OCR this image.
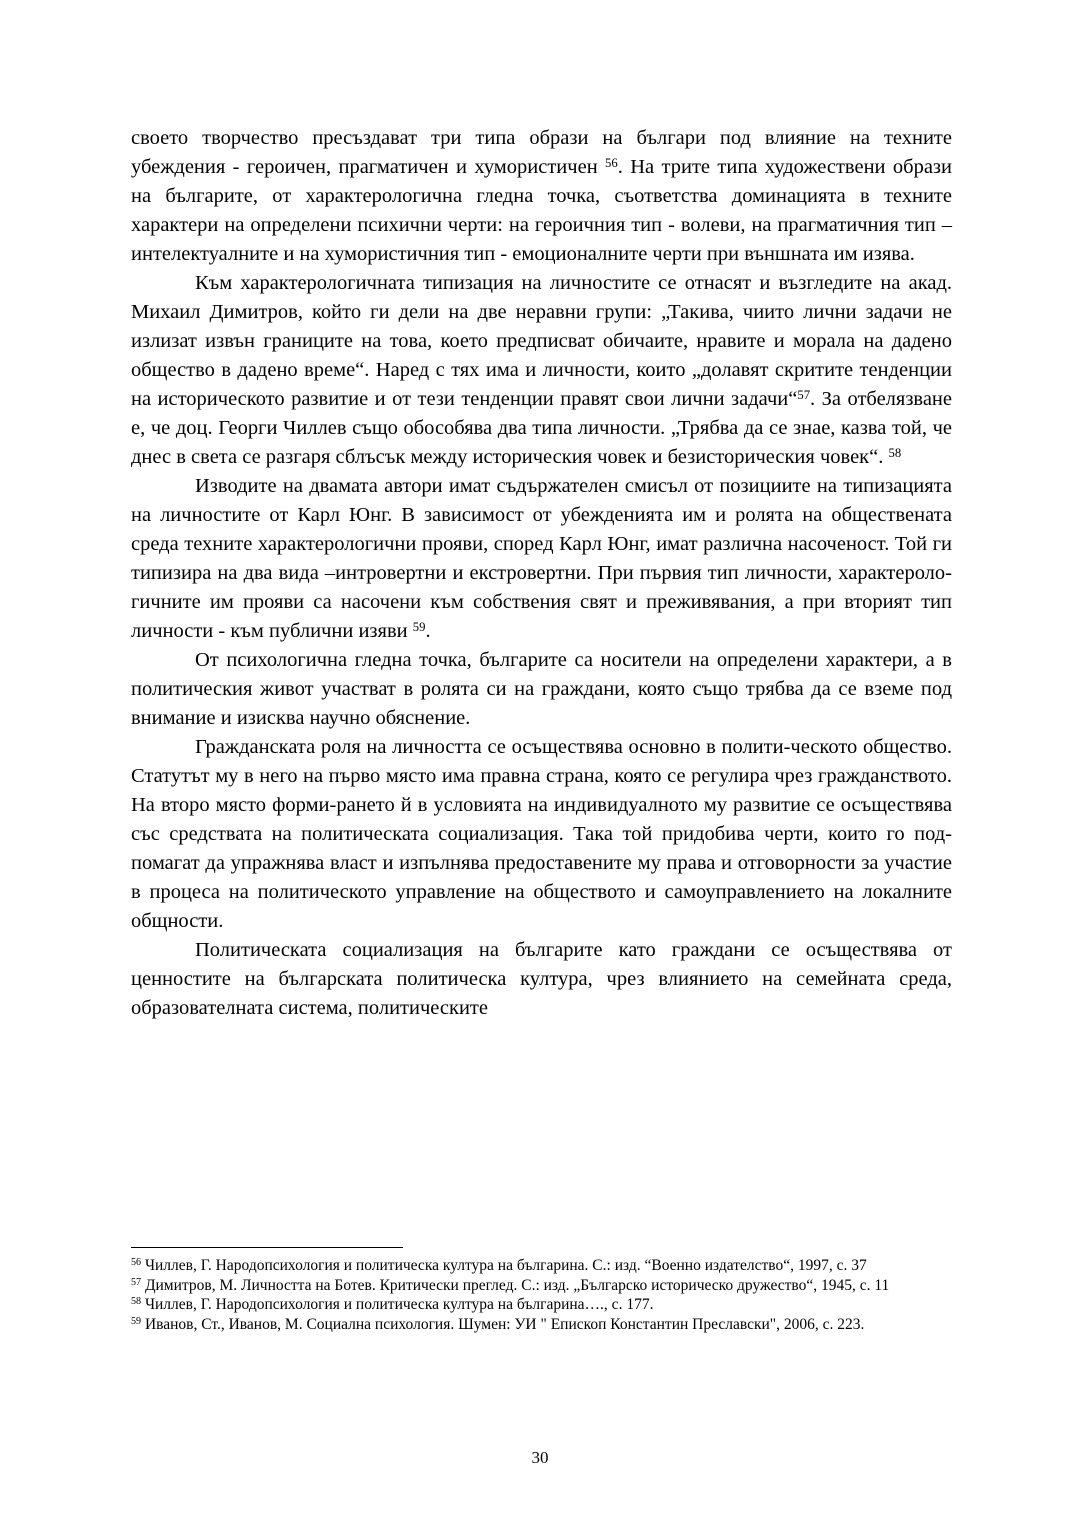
своето творчество пресъздават три типа образи на българи под влияние на техните убеждения - героичен, прагматичен и хумористичен $^{56}$. На трите типа художествени образи на българите, от характерологична гледна точка, съответства доминацията в техните характери на определени психични черти: на героичния тип - волеви, на прагматичния тип – интелектуалните и на хумористичния тип - емоционалните черти при външната им изява.

Към характерологичната типизация на личностите се отнасят и възгледите на акад. Михаил Димитров, който ги дели на две неравни групи: „Такива, чиито лични задачи не излизат извън границите на това, което предписват обичаите, нравите и морала на дадено общество в дадено време“. Наред с тях има и личности, които „долавят скритите тенденции на историческото развитие и от тези тенденции правят свои лични задачи“$^{57}$. За отбелязване е, че доц. Георги Чиллев също обособява два типа личности. „Трябва да се знае, казва той, че днес в света се разгаря сблъсък между историческия човек и безисторическия човек“. $^{58}$

Изводите на двамата автори имат съдържателен смисъл от позициите на типизацията на личностите от Карл Юнг. В зависимост от убежденията им и ролята на обществената среда техните характерологични прояви, според Карл Юнг, имат различна насоченост. Той ги типизира на два вида –интровертни и екстровертни. При първия тип личности, характероло-гичните им прояви са насочени към собствения свят и преживявания, а при вторият тип личности - към публични изяви $^{59}$.

От психологична гледна точка, българите са носители на определени характери, а в политическия живот участват в ролята си на граждани, която също трябва да се вземе под внимание и изисква научно обяснение.

Гражданската роля на личността се осъществява основно в полити-ческото общество. Статутът му в него на първо място има правна страна, която се регулира чрез гражданството. На второ място форми-рането й в условията на индивидуалното му развитие се осъществява със средствата на политическата социализация. Така той придобива черти, които го под-помагат да упражнява власт и изпълнява предоставените му права и отговорности за участие в процеса на политическото управление на обществото и самоуправлението на локалните общности.

Политическата социализация на българите като граждани се осъществява от ценностите на българската политическа култура, чрез влиянието на семейната среда, образователната система, политическите

$^{56}$ Чиллев, Г. Народопсихология и политическа култура на българина. С.: изд. “Военно издателство“, 1997, с. 37

$^{57}$ Димитров, М. Личността на Ботев. Критически преглед. С.: изд. „Българско историческо дружество“, 1945, с. 11

$^{58}$ Чиллев, Г. Народопсихология и политическа култура на българина…., с. 177.

$^{59}$ Иванов, Ст., Иванов, М. Социална психология. Шумен: УИ " Епископ Константин Преславски", 2006, с. 223.

30
